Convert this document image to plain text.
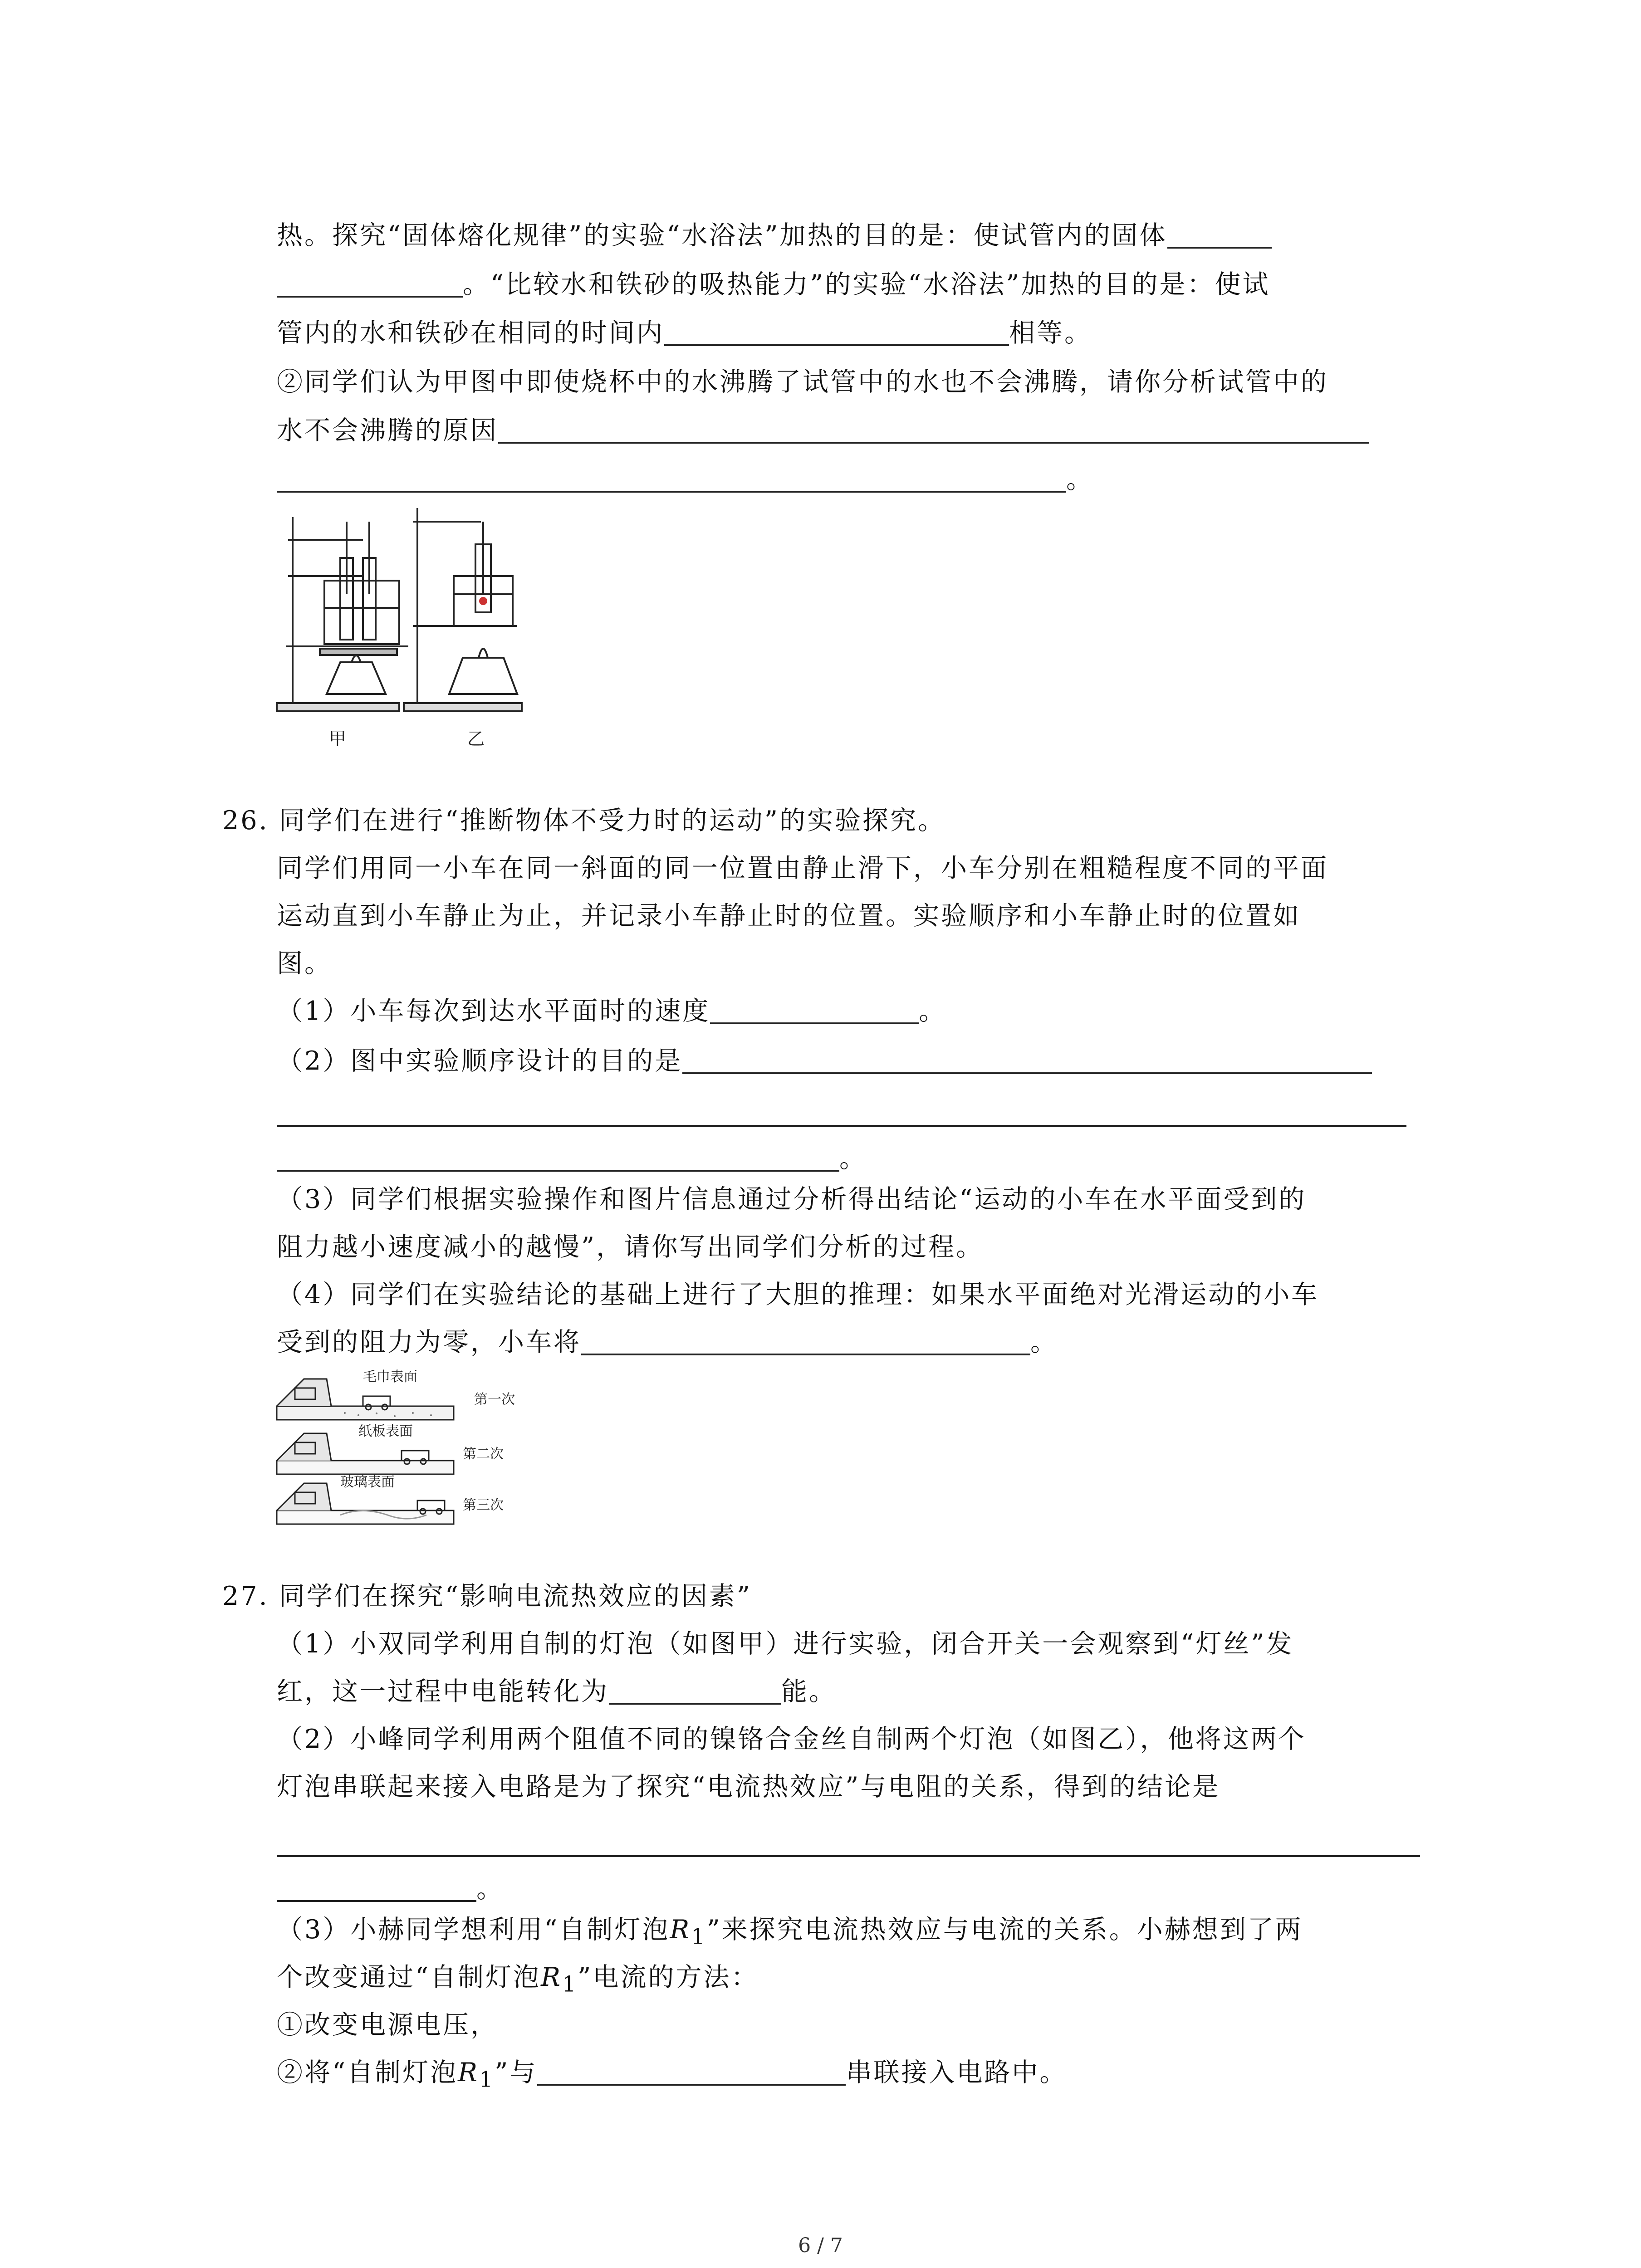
热。探究“固体熔化规律”的实验“水浴法”加热的目的是：使试管内的固体
。“比较水和铁砂的吸热能力”的实验“水浴法”加热的目的是：使试
管内的水和铁砂在相同的时间内	相等。
②同学们认为甲图中即使烧杯中的水沸腾了试管中的水也不会沸腾，请你分析试管中的
水不会沸腾的原因
。
甲	乙
26. 同学们在进行“推断物体不受力时的运动”的实验探究。
同学们用同一小车在同一斜面的同一位置由静止滑下，小车分别在粗糙程度不同的平面
运动直到小车静止为止，并记录小车静止时的位置。实验顺序和小车静止时的位置如
图。
（1）小车每次到达水平面时的速度	。
（2）图中实验顺序设计的目的是
。
（3）同学们根据实验操作和图片信息通过分析得出结论“运动的小车在水平面受到的
阻力越小速度减小的越慢”，请你写出同学们分析的过程。
（4）同学们在实验结论的基础上进行了大胆的推理：如果水平面绝对光滑运动的小车
受到的阻力为零，小车将	。
毛巾表面
第一次
纸板表面
第二次
玻璃表面
第三次
27. 同学们在探究“影响电流热效应的因素”
（1）小双同学利用自制的灯泡（如图甲）进行实验，闭合开关一会观察到“灯丝”发
红，这一过程中电能转化为	能。
（2）小峰同学利用两个阻值不同的镍铬合金丝自制两个灯泡（如图乙），他将这两个
灯泡串联起来接入电路是为了探究“电流热效应”与电阻的关系，得到的结论是
。
（3）小赫同学想利用“自制灯泡$R_1$”来探究电流热效应与电流的关系。小赫想到了两
个改变通过“自制灯泡$R_1$”电流的方法：
①改变电源电压，
②将“自制灯泡$R_1$”与	串联接入电路中。
6 / 7
